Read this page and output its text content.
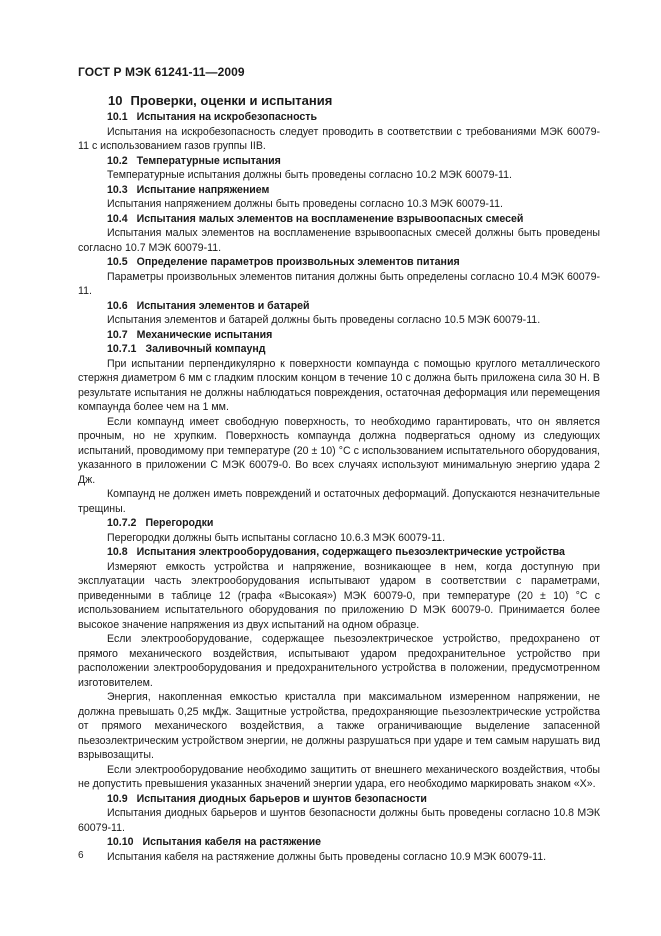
ГОСТ Р МЭК 61241-11—2009

10 Проверки, оценки и испытания

10.1 Испытания на искробезопасность

Испытания на искробезопасность следует проводить в соответствии с требованиями МЭК 60079-11 с использованием газов группы IIB.

10.2 Температурные испытания

Температурные испытания должны быть проведены согласно 10.2 МЭК 60079-11.

10.3 Испытание напряжением

Испытания напряжением должны быть проведены согласно 10.3 МЭК 60079-11.

10.4 Испытания малых элементов на воспламенение взрывоопасных смесей

Испытания малых элементов на воспламенение взрывоопасных смесей должны быть проведены согласно 10.7 МЭК 60079-11.

10.5 Определение параметров произвольных элементов питания

Параметры произвольных элементов питания должны быть определены согласно 10.4 МЭК 60079-11.

10.6 Испытания элементов и батарей

Испытания элементов и батарей должны быть проведены согласно 10.5 МЭК 60079-11.

10.7 Механические испытания

10.7.1 Заливочный компаунд

При испытании перпендикулярно к поверхности компаунда с помощью круглого металлического стержня диаметром 6 мм с гладким плоским концом в течение 10 с должна быть приложена сила 30 Н. В результате испытания не должны наблюдаться повреждения, остаточная деформация или перемещения компаунда более чем на 1 мм.

Если компаунд имеет свободную поверхность, то необходимо гарантировать, что он является прочным, но не хрупким. Поверхность компаунда должна подвергаться одному из следующих испытаний, проводимому при температуре (20 ± 10) °C с использованием испытательного оборудования, указанного в приложении С МЭК 60079-0. Во всех случаях используют минимальную энергию удара 2 Дж.

Компаунд не должен иметь повреждений и остаточных деформаций. Допускаются незначительные трещины.

10.7.2 Перегородки

Перегородки должны быть испытаны согласно 10.6.3 МЭК 60079-11.

10.8 Испытания электрооборудования, содержащего пьезоэлектрические устройства

Измеряют емкость устройства и напряжение, возникающее в нем, когда доступную при эксплуатации часть электрооборудования испытывают ударом в соответствии с параметрами, приведенными в таблице 12 (графа «Высокая») МЭК 60079-0, при температуре (20 ± 10) °C с использованием испытательного оборудования по приложению D МЭК 60079-0. Принимается более высокое значение напряжения из двух испытаний на одном образце.

Если электрооборудование, содержащее пьезоэлектрическое устройство, предохранено от прямого механического воздействия, испытывают ударом предохранительное устройство при расположении электрооборудования и предохранительного устройства в положении, предусмотренном изготовителем.

Энергия, накопленная емкостью кристалла при максимальном измеренном напряжении, не должна превышать 0,25 мкДж. Защитные устройства, предохраняющие пьезоэлектрические устройства от прямого механического воздействия, а также ограничивающие выделение запасенной пьезоэлектрическим устройством энергии, не должны разрушаться при ударе и тем самым нарушать вид взрывозащиты.

Если электрооборудование необходимо защитить от внешнего механического воздействия, чтобы не допустить превышения указанных значений энергии удара, его необходимо маркировать знаком «X».

10.9 Испытания диодных барьеров и шунтов безопасности

Испытания диодных барьеров и шунтов безопасности должны быть проведены согласно 10.8 МЭК 60079-11.

10.10 Испытания кабеля на растяжение

Испытания кабеля на растяжение должны быть проведены согласно 10.9 МЭК 60079-11.

6
